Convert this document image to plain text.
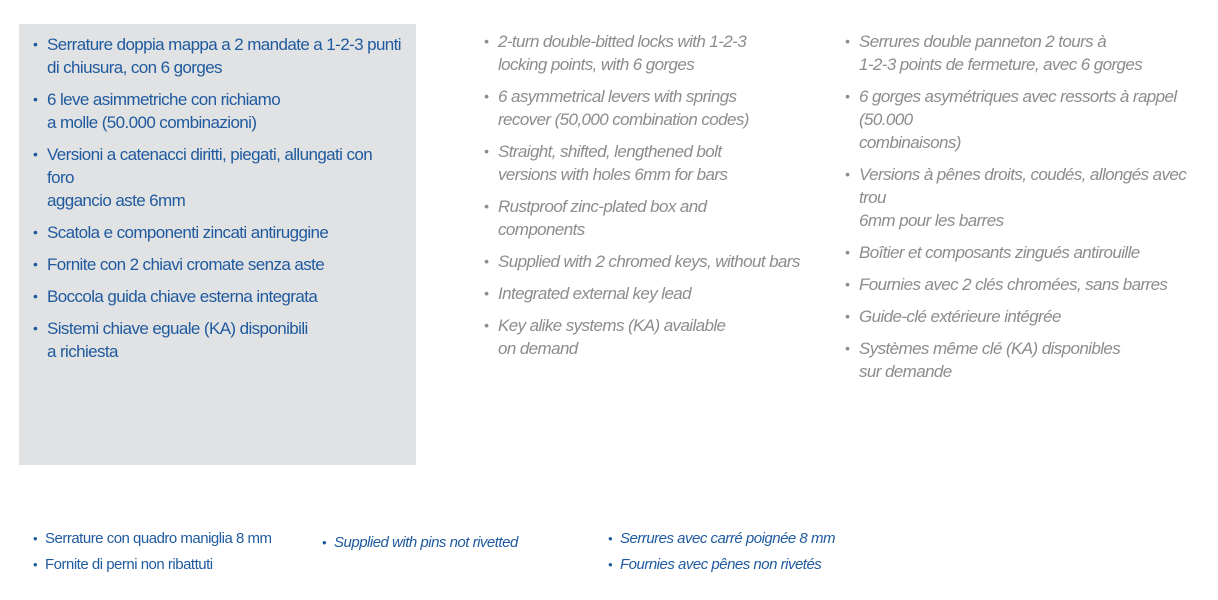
• Serrature doppia mappa a 2 mandate a 1-2-3 punti
di chiusura, con 6 gorges
• 6 leve asimmetriche con richiamo
a molle (50.000 combinazioni)
• Versioni a catenacci diritti, piegati, allungati con foro
aggancio aste 6mm
• Scatola e componenti zincati antiruggine
• Fornite con 2 chiavi cromate senza aste
• Boccola guida chiave esterna integrata
• Sistemi chiave eguale (KA) disponibili
a richiesta
• 2-turn double-bitted locks with 1-2-3
locking points, with 6 gorges
• 6 asymmetrical levers with springs
recover (50,000 combination codes)
• Straight, shifted, lengthened bolt
versions with holes 6mm for bars
• Rustproof zinc-plated box and
components
• Supplied with 2 chromed keys, without bars
• Integrated external key lead
• Key alike systems (KA) available
on demand
• Serrures double panneton 2 tours à
1-2-3 points de fermeture, avec 6 gorges
• 6 gorges asymétriques avec ressorts à rappel (50.000
combinaisons)
• Versions à pênes droits, coudés, allongés avec trou
6mm pour les barres
• Boîtier et composants zingués antirouille
• Fournies avec 2 clés chromées, sans barres
• Guide-clé extérieure intégrée
• Systèmes même clé (KA) disponibles
sur demande
• Serrature con quadro maniglia 8 mm
• Fornite di perni non ribattuti
• Supplied with pins not rivetted	• Serrures avec carré poignée 8 mm
• Fournies avec pênes non rivetés
